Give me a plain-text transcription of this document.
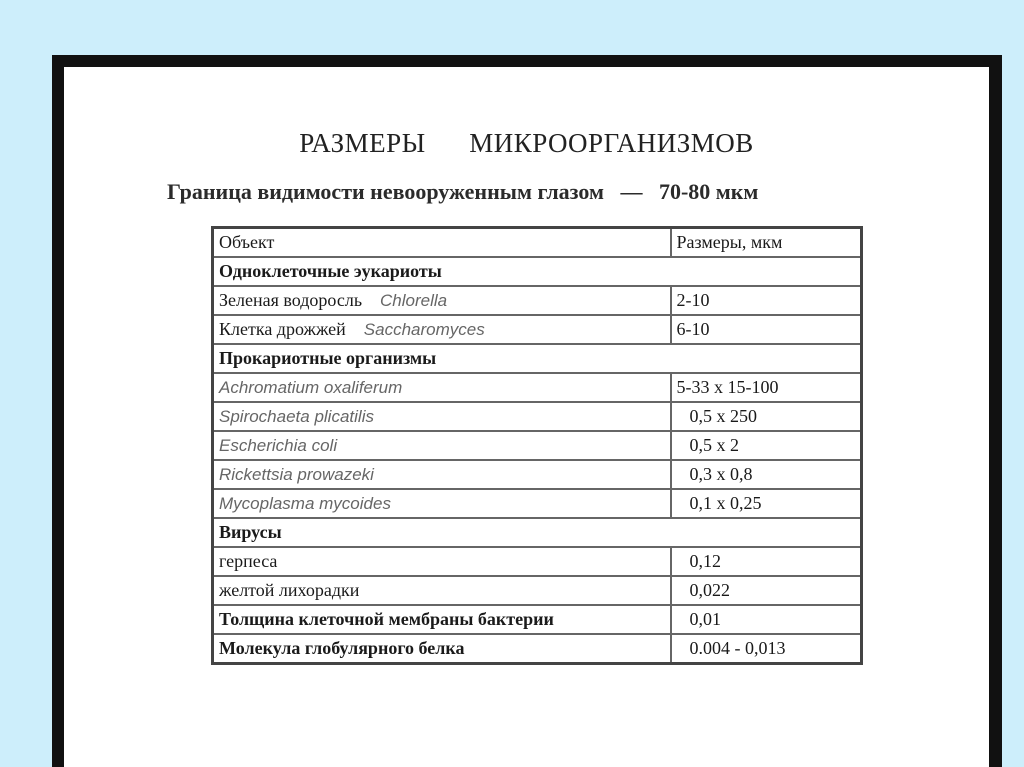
РАЗМЕРЫ      МИКРООРГАНИЗМОВ
Граница видимости невооруженным глазом   —   70-80 мкм
Объект	Размеры, мкм
Одноклеточные эукариоты	
Зеленая водоросль Chlorella	2-10
Клетка дрожжей Saccharomyces	6-10
Прокариотные организмы	
Achromatium oxaliferum	5-33 х 15-100
Spirochaeta plicatilis	0,5 х 250
Escherichia coli	0,5 х 2
Rickettsia prowazeki	0,3 х 0,8
Mycoplasma mycoides	0,1 х 0,25
Вирусы	
герпеса	0,12
желтой лихорадки	0,022
Толщина клеточной мембраны бактерии	0,01
Молекула глобулярного белка	0.004 - 0,013
